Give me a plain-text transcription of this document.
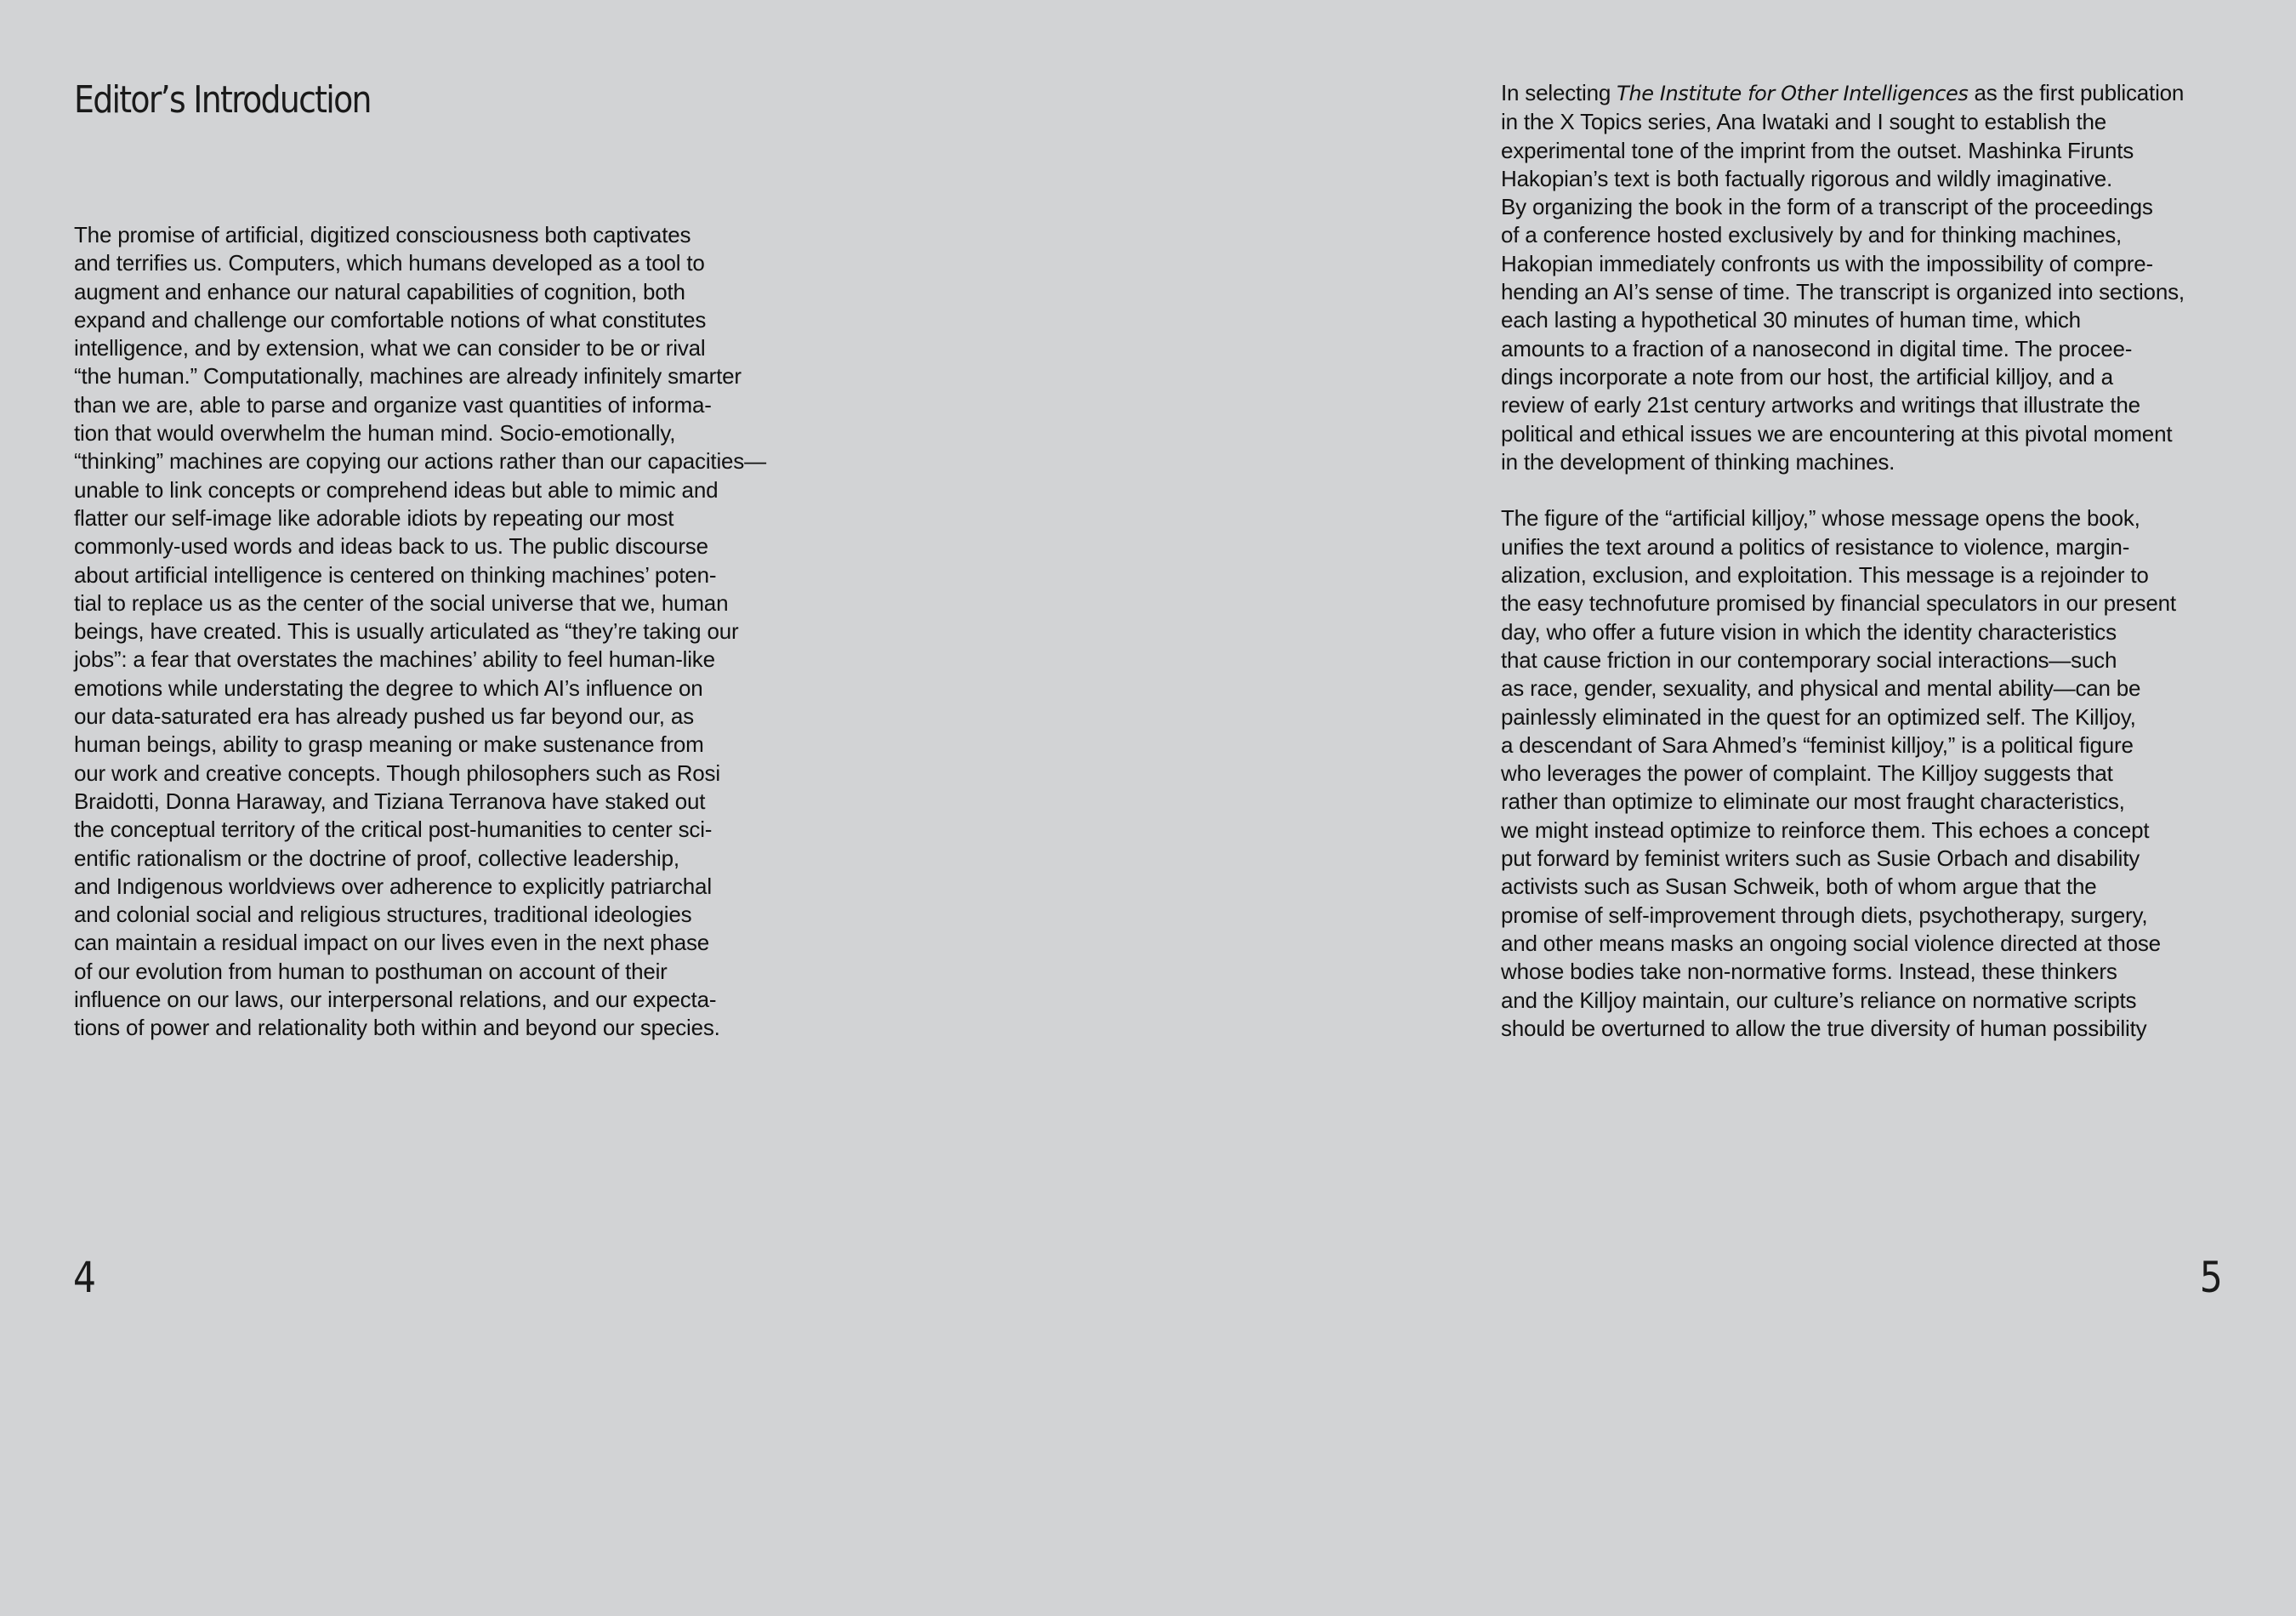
Editor’s Introduction
The promise of artificial, digitized consciousness both captivates
and terrifies us. Computers, which humans developed as a tool to
augment and enhance our natural capabilities of cognition, both
expand and challenge our comfortable notions of what constitutes
intelligence, and by extension, what we can consider to be or rival
“the human.” Computationally, machines are already infinitely smarter
than we are, able to parse and organize vast quantities of informa-
tion that would overwhelm the human mind. Socio-emotionally,
“thinking” machines are copying our actions rather than our capacities—
unable to link concepts or comprehend ideas but able to mimic and
flatter our self-image like adorable idiots by repeating our most
commonly-used words and ideas back to us. The public discourse
about artificial intelligence is centered on thinking machines’ poten-
tial to replace us as the center of the social universe that we, human
beings, have created. This is usually articulated as “they’re taking our
jobs”: a fear that overstates the machines’ ability to feel human-like
emotions while understating the degree to which AI’s influence on
our data-saturated era has already pushed us far beyond our, as
human beings, ability to grasp meaning or make sustenance from
our work and creative concepts. Though philosophers such as Rosi
Braidotti, Donna Haraway, and Tiziana Terranova have staked out
the conceptual territory of the critical post-humanities to center sci-
entific rationalism or the doctrine of proof, collective leadership,
and Indigenous worldviews over adherence to explicitly patriarchal
and colonial social and religious structures, traditional ideologies
can maintain a residual impact on our lives even in the next phase
of our evolution from human to posthuman on account of their
influence on our laws, our interpersonal relations, and our expecta-
tions of power and relationality both within and beyond our species.
4
In selecting The Institute for Other Intelligences as the first publication
in the X Topics series, Ana Iwataki and I sought to establish the
experimental tone of the imprint from the outset. Mashinka Firunts
Hakopian’s text is both factually rigorous and wildly imaginative.
By organizing the book in the form of a transcript of the proceedings
of a conference hosted exclusively by and for thinking machines,
Hakopian immediately confronts us with the impossibility of compre-
hending an AI’s sense of time. The transcript is organized into sections,
each lasting a hypothetical 30 minutes of human time, which
amounts to a fraction of a nanosecond in digital time. The procee-
dings incorporate a note from our host, the artificial killjoy, and a
review of early 21st century artworks and writings that illustrate the
political and ethical issues we are encountering at this pivotal moment
in the development of thinking machines.
The figure of the “artificial killjoy,” whose message opens the book,
unifies the text around a politics of resistance to violence, margin-
alization, exclusion, and exploitation. This message is a rejoinder to
the easy technofuture promised by financial speculators in our present
day, who offer a future vision in which the identity characteristics
that cause friction in our contemporary social interactions—such
as race, gender, sexuality, and physical and mental ability—can be
painlessly eliminated in the quest for an optimized self. The Killjoy,
a descendant of Sara Ahmed’s “feminist killjoy,” is a political figure
who leverages the power of complaint. The Killjoy suggests that
rather than optimize to eliminate our most fraught characteristics,
we might instead optimize to reinforce them. This echoes a concept
put forward by feminist writers such as Susie Orbach and disability
activists such as Susan Schweik, both of whom argue that the
promise of self-improvement through diets, psychotherapy, surgery,
and other means masks an ongoing social violence directed at those
whose bodies take non-normative forms. Instead, these thinkers
and the Killjoy maintain, our culture’s reliance on normative scripts
should be overturned to allow the true diversity of human possibility
5
